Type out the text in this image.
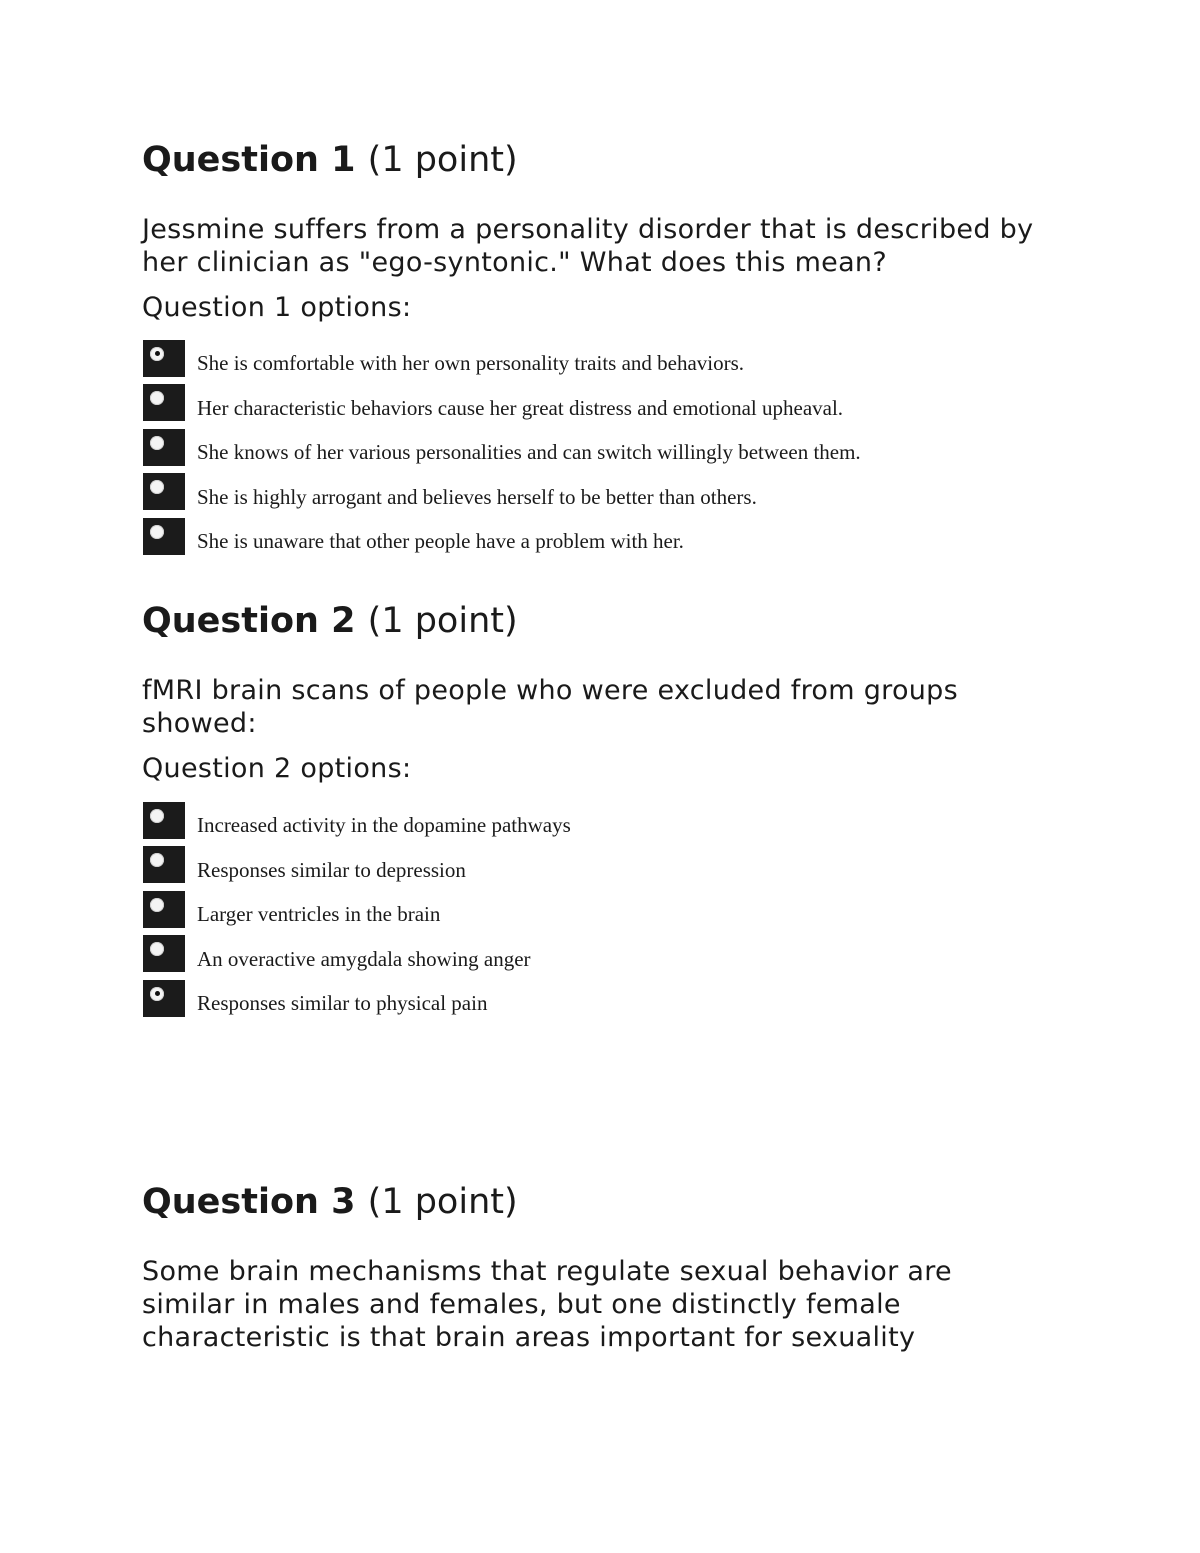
Question 1 (1 point)

Jessmine suffers from a personality disorder that is described by her clinician as "ego-syntonic." What does this mean?

Question 1 options:

She is comfortable with her own personality traits and behaviors.
Her characteristic behaviors cause her great distress and emotional upheaval.
She knows of her various personalities and can switch willingly between them.
She is highly arrogant and believes herself to be better than others.
She is unaware that other people have a problem with her.
Question 2 (1 point)

fMRI brain scans of people who were excluded from groups showed:

Question 2 options:

Increased activity in the dopamine pathways
Responses similar to depression
Larger ventricles in the brain
An overactive amygdala showing anger
Responses similar to physical pain
Question 3 (1 point)

Some brain mechanisms that regulate sexual behavior are similar in males and females, but one distinctly female characteristic is that brain areas important for sexuality
